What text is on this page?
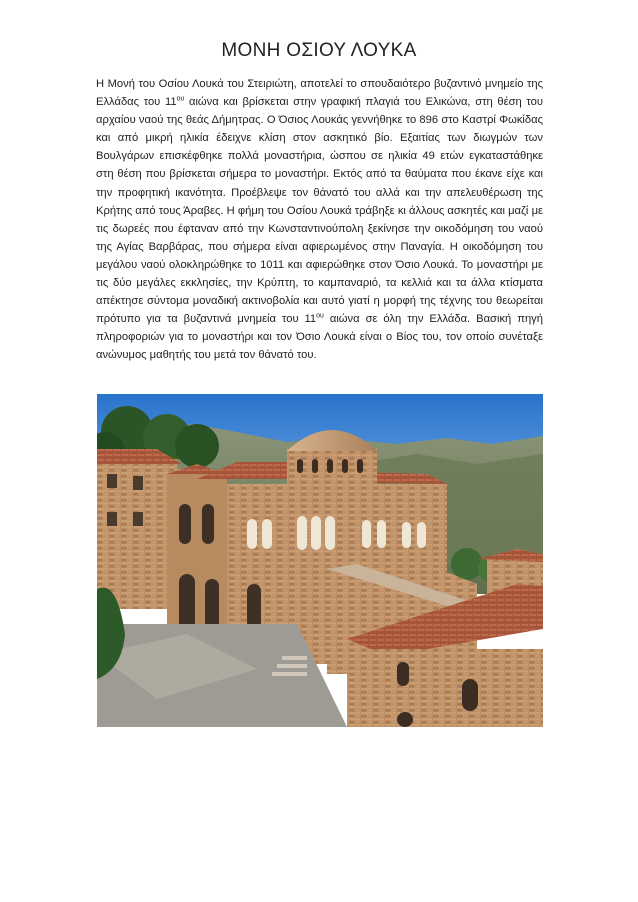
ΜΟΝΗ ΟΣΙΟΥ ΛΟΥΚΑ
Η Μονή του Οσίου Λουκά του Στειριώτη, αποτελεί το σπουδαιότερο βυζαντινό μνημείο της Ελλάδας του $11^{o\upsilon}$ αιώνα και βρίσκεται στην γραφική πλαγιά του Ελικώνα, στη θέση του αρχαίου ναού της θεάς Δήμητρας. Ο Όσιος Λουκάς γεννήθηκε το 896 στο Καστρί Φωκίδας και από μικρή ηλικία έδειχνε κλίση στον ασκητικό βίο. Εξαιτίας των διωγμών των Βουλγάρων επισκέφθηκε πολλά μοναστήρια, ώσπου σε ηλικία 49 ετών εγκαταστάθηκε στη θέση που βρίσκεται σήμερα το μοναστήρι. Εκτός από τα θαύματα που έκανε είχε και την προφητική ικανότητα. Προέβλεψε τον θάνατό του αλλά και την απελευθέρωση της Κρήτης από τους Άραβες. Η φήμη του Οσίου Λουκά τράβηξε κι άλλους ασκητές και μαζί με τις δωρεές που έφταναν από την Κωνσταντινούπολη ξεκίνησε την οικοδόμηση του ναού της Αγίας Βαρβάρας, που σήμερα είναι αφιερωμένος στην Παναγία. Η οικοδόμηση του μεγάλου ναού ολοκληρώθηκε το 1011 και αφιερώθηκε στον Όσιο Λουκά. Το μοναστήρι με τις δύο μεγάλες εκκλησίες, την Κρύπτη, το καμπαναριό, τα κελλιά και τα άλλα κτίσματα απέκτησε σύντομα μοναδική ακτινοβολία και αυτό γιατί η μορφή της τέχνης του θεωρείται πρότυπο για τα βυζαντινά μνημεία του $11^{o\upsilon}$ αιώνα σε όλη την Ελλάδα. Βασική πηγή πληροφοριών για το μοναστήρι και τον Όσιο Λουκά είναι ο Βίος του, τον οποίο συνέταξε ανώνυμος μαθητής του μετά τον θάνατό του.
